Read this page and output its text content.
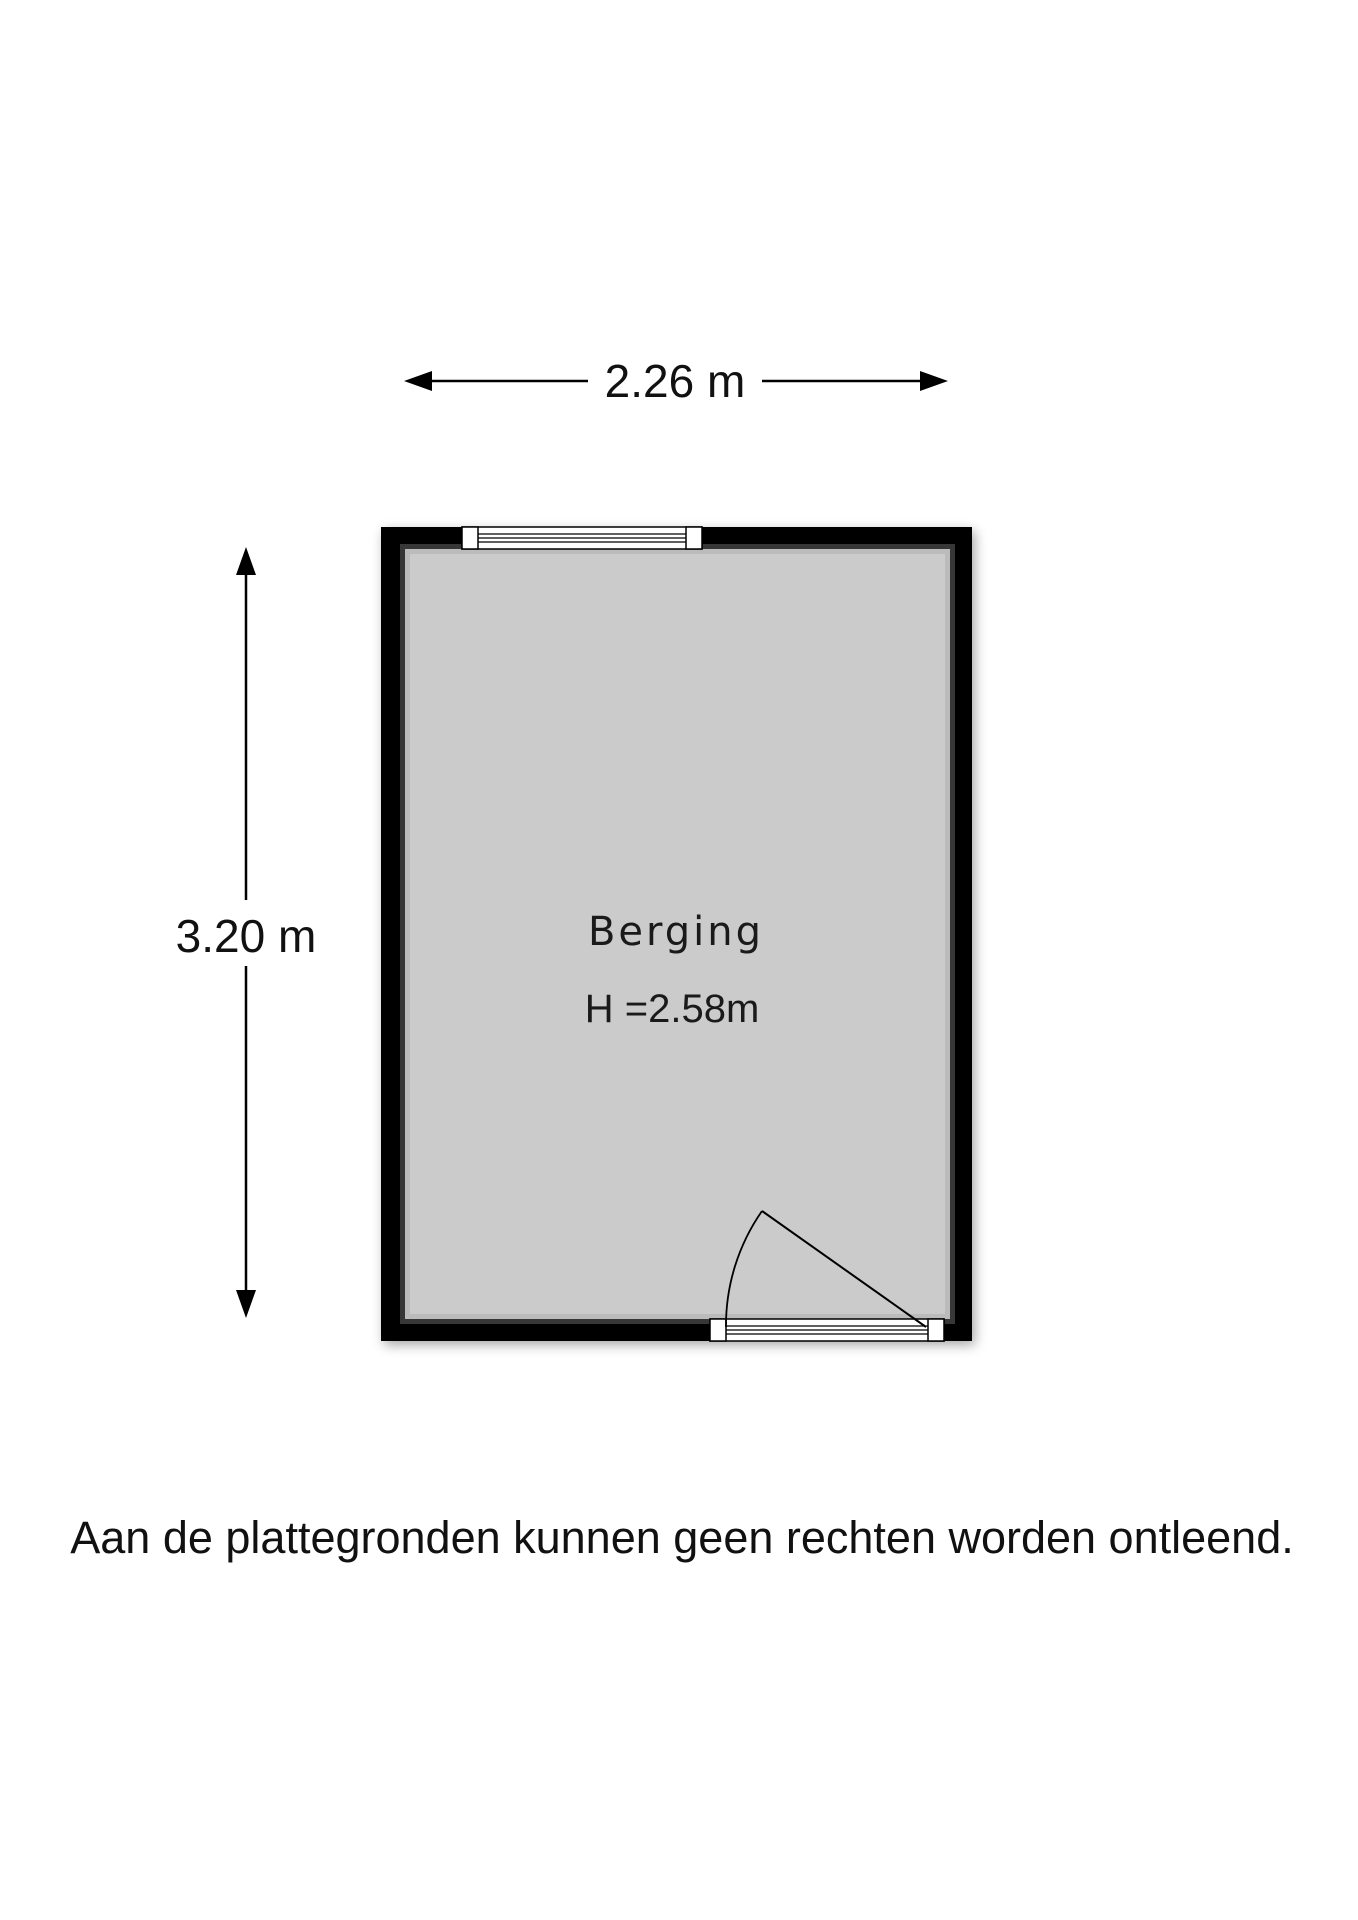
2.26 m
3.20 m	Berging
H =2.58m
Aan de plattegronden kunnen geen rechten worden ontleend.
